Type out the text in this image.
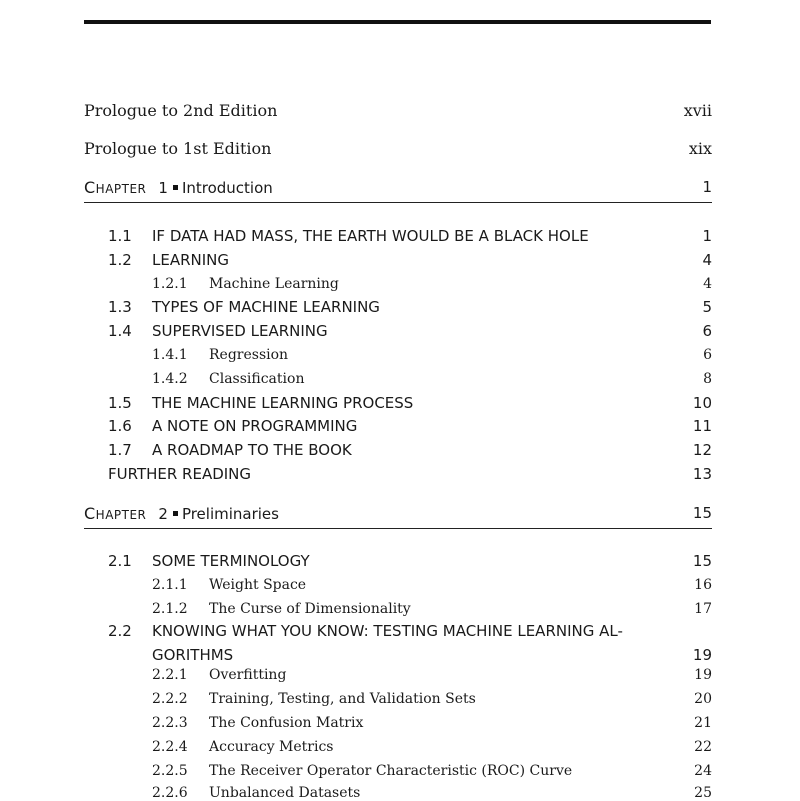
Prologue to 2nd Edition	xvii
Prologue to 1st Edition	xix
CHAPTER 1 Introduction	1
1.1	IF DATA HAD MASS, THE EARTH WOULD BE A BLACK HOLE	1
1.2	LEARNING	4
1.2.1	Machine Learning	4
1.3	TYPES OF MACHINE LEARNING	5
1.4	SUPERVISED LEARNING	6
1.4.1	Regression	6
1.4.2	Classification	8
1.5	THE MACHINE LEARNING PROCESS	10
1.6	A NOTE ON PROGRAMMING	11
1.7	A ROADMAP TO THE BOOK	12
FURTHER READING	13
CHAPTER 2 Preliminaries	15
2.1	SOME TERMINOLOGY	15
2.1.1	Weight Space	16
2.1.2	The Curse of Dimensionality	17
2.2	KNOWING WHAT YOU KNOW: TESTING MACHINE LEARNING AL-
GORITHMS	19
2.2.1	Overfitting	19
2.2.2	Training, Testing, and Validation Sets	20
2.2.3	The Confusion Matrix	21
2.2.4	Accuracy Metrics	22
2.2.5	The Receiver Operator Characteristic (ROC) Curve	24
2.2.6	Unbalanced Datasets	25
